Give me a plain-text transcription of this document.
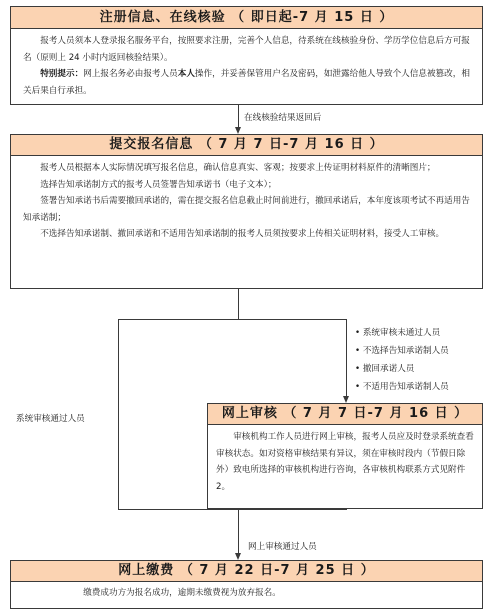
注册信息、在线核验 （ 即日起-7 月 15 日 ）

报考人员须本人登录报名服务平台，按照要求注册，完善个人信息，待系统在线核验身份、学历学位信息后方可报名（原则上 24 小时内返回核验结果）。

特别提示：网上报名务必由报考人员本人操作，并妥善保管用户名及密码，如泄露给他人导致个人信息被篡改，相关后果自行承担。

在线核验结果返回后
提交报名信息 （ 7 月 7 日-7 月 16 日 ）

报考人员根据本人实际情况填写报名信息，确认信息真实、客观；按要求上传证明材料原件的清晰图片；

选择告知承诺制方式的报考人员签署告知承诺书（电子文本）；

签署告知承诺书后需要撤回承诺的，需在提交报名信息截止时间前进行，撤回承诺后，本年度该项考试不再适用告知承诺制；

不选择告知承诺制、撤回承诺和不适用告知承诺制的报考人员须按要求上传相关证明材料，接受人工审核。

系统审核通过人员
• 系统审核未通过人员
• 不选择告知承诺制人员
• 撤回承诺人员
• 不适用告知承诺制人员
网上审核 （ 7 月 7 日-7 月 16 日 ）

审核机构工作人员进行网上审核，报考人员应及时登录系统查看审核状态。如对资格审核结果有异议，须在审核时段内（节假日除外）致电所选择的审核机构进行咨询，各审核机构联系方式见附件 2。

网上审核通过人员
网上缴费 （ 7 月 22 日-7 月 25 日 ）

缴费成功方为报名成功，逾期未缴费视为放弃报名。
